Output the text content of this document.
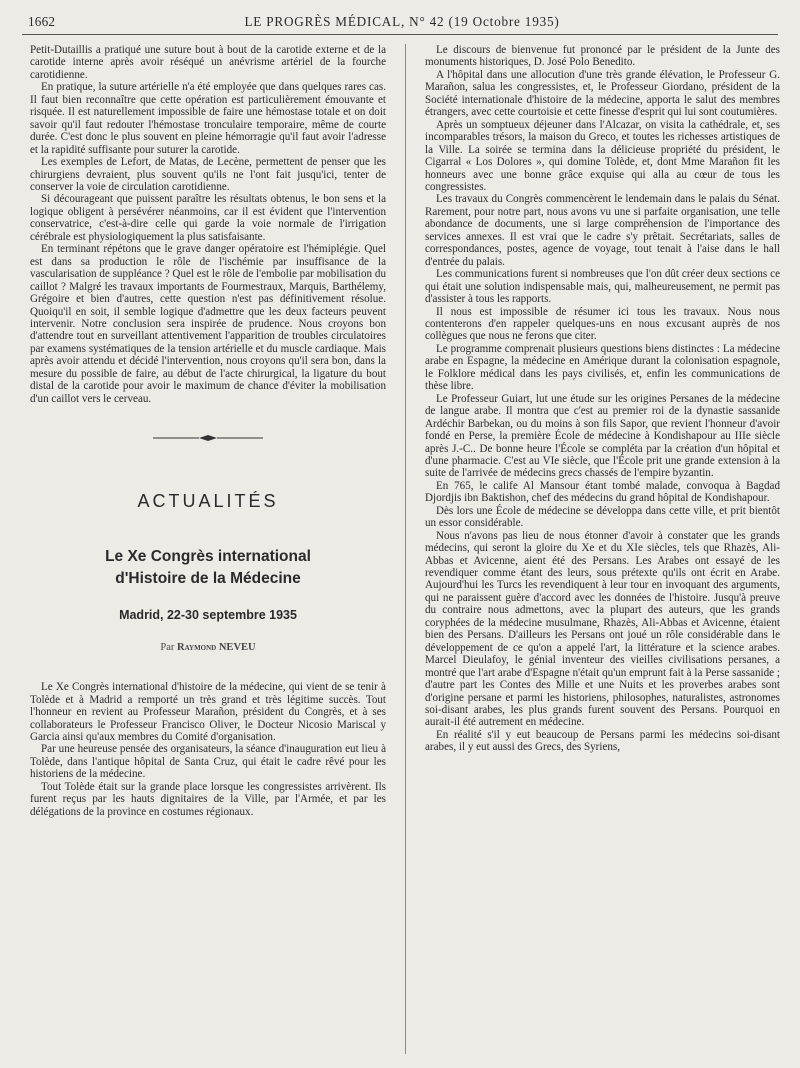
1662	LE PROGRÈS MÉDICAL, N° 42 (19 Octobre 1935)

Petit-Dutaillis a pratiqué une suture bout à bout de la carotide externe et de la carotide interne après avoir réséqué un anévrisme artériel de la fourche carotidienne.

En pratique, la suture artérielle n'a été employée que dans quelques rares cas. Il faut bien reconnaître que cette opération est particulièrement émouvante et risquée. Il est naturellement impossible de faire une hémostase totale et on doit savoir qu'il faut redouter l'hémostase tronculaire temporaire, même de courte durée. C'est donc le plus souvent en pleine hémorragie qu'il faut avoir l'adresse et la rapidité suffisante pour suturer la carotide.

Les exemples de Lefort, de Matas, de Lecène, permettent de penser que les chirurgiens devraient, plus souvent qu'ils ne l'ont fait jusqu'ici, tenter de conserver la voie de circulation carotidienne.

Si décourageant que puissent paraître les résultats obtenus, le bon sens et la logique obligent à persévérer néanmoins, car il est évident que l'intervention conservatrice, c'est-à-dire celle qui garde la voie normale de l'irrigation cérébrale est physiologiquement la plus satisfaisante.

En terminant répétons que le grave danger opératoire est l'hémiplégie. Quel est dans sa production le rôle de l'ischémie par insuffisance de la vascularisation de suppléance ? Quel est le rôle de l'embolie par mobilisation du caillot ? Malgré les travaux importants de Fourmestraux, Marquis, Barthélemy, Grégoire et bien d'autres, cette question n'est pas définitivement résolue. Quoiqu'il en soit, il semble logique d'admettre que les deux facteurs peuvent intervenir. Notre conclusion sera inspirée de prudence. Nous croyons bon d'attendre tout en surveillant attentivement l'apparition de troubles circulatoires par examens systématiques de la tension artérielle et du muscle cardiaque. Mais après avoir attendu et décidé l'intervention, nous croyons qu'il sera bon, dans la mesure du possible de faire, au début de l'acte chirurgical, la ligature du bout distal de la carotide pour avoir le maximum de chance d'éviter la mobilisation d'un caillot vers le cerveau.

ACTUALITÉS
Le Xe Congrès international
d'Histoire de la Médecine
Madrid, 22-30 septembre 1935
Par Raymond NEVEU

Le Xe Congrès international d'histoire de la médecine, qui vient de se tenir à Tolède et à Madrid a remporté un très grand et très légitime succès. Tout l'honneur en revient au Professeur Marañon, président du Congrès, et à ses collaborateurs le Professeur Francisco Oliver, le Docteur Nicosio Mariscal y Garcia ainsi qu'aux membres du Comité d'organisation.

Par une heureuse pensée des organisateurs, la séance d'inauguration eut lieu à Tolède, dans l'antique hôpital de Santa Cruz, qui était le cadre rêvé pour les historiens de la médecine.

Tout Tolède était sur la grande place lorsque les congressistes arrivèrent. Ils furent reçus par les hauts dignitaires de la Ville, par l'Armée, et par les délégations de la province en costumes régionaux.

Le discours de bienvenue fut prononcé par le président de la Junte des monuments historiques, D. José Polo Benedito.

A l'hôpital dans une allocution d'une très grande élévation, le Professeur G. Marañon, salua les congressistes, et, le Professeur Giordano, président de la Société internationale d'histoire de la médecine, apporta le salut des membres étrangers, avec cette courtoisie et cette finesse d'esprit qui lui sont coutumières.

Après un somptueux déjeuner dans l'Alcazar, on visita la cathédrale, et, ses incomparables trésors, la maison du Greco, et toutes les richesses artistiques de la Ville. La soirée se termina dans la délicieuse propriété du président, le Cigarral « Los Dolores », qui domine Tolède, et, dont Mme Marañon fit les honneurs avec une bonne grâce exquise qui alla au cœur de tous les congressistes.

Les travaux du Congrès commencèrent le lendemain dans le palais du Sénat. Rarement, pour notre part, nous avons vu une si parfaite organisation, une telle abondance de documents, une si large compréhension de l'importance des services annexes. Il est vrai que le cadre s'y prêtait. Secrétariats, salles de correspondances, postes, agence de voyage, tout tenait à l'aise dans le hall d'entrée du palais.

Les communications furent si nombreuses que l'on dût créer deux sections ce qui était une solution indispensable mais, qui, malheureusement, ne permit pas d'assister à tous les rapports.

Il nous est impossible de résumer ici tous les travaux. Nous nous contenterons d'en rappeler quelques-uns en nous excusant auprès de nos collègues que nous ne ferons que citer.

Le programme comprenait plusieurs questions biens distinctes : La médecine arabe en Espagne, la médecine en Amérique durant la colonisation espagnole, le Folklore médical dans les pays civilisés, et, enfin les communications de thèse libre.

Le Professeur Guiart, lut une étude sur les origines Persanes de la médecine de langue arabe. Il montra que c'est au premier roi de la dynastie sassanide Ardéchir Barbekan, ou du moins à son fils Sapor, que revient l'honneur d'avoir fondé en Perse, la première École de médecine à Kondishapour au IIIe siècle après J.-C.. De bonne heure l'École se compléta par la création d'un hôpital et d'une pharmacie. C'est au VIe siècle, que l'École prit une grande extension à la suite de l'arrivée de médecins grecs chassés de l'empire byzantin.

En 765, le calife Al Mansour étant tombé malade, convoqua à Bagdad Djordjis ibn Baktishon, chef des médecins du grand hôpital de Kondishapour.

Dès lors une École de médecine se développa dans cette ville, et prit bientôt un essor considérable.

Nous n'avons pas lieu de nous étonner d'avoir à constater que les grands médecins, qui seront la gloire du Xe et du XIe siècles, tels que Rhazès, Ali-Abbas et Avicenne, aient été des Persans. Les Arabes ont essayé de les revendiquer comme étant des leurs, sous prétexte qu'ils ont écrit en Arabe. Aujourd'hui les Turcs les revendiquent à leur tour en invoquant des arguments, qui ne paraissent guère d'accord avec les données de l'histoire. Jusqu'à preuve du contraire nous admettons, avec la plupart des auteurs, que les grands coryphées de la médecine musulmane, Rhazès, Ali-Abbas et Avicenne, étaient bien des Persans. D'ailleurs les Persans ont joué un rôle considérable dans le développement de ce qu'on a appelé l'art, la littérature et la science arabes. Marcel Dieulafoy, le génial inventeur des vieilles civilisations persanes, a montré que l'art arabe d'Espagne n'était qu'un emprunt fait à la Perse sassanide ; d'autre part les Contes des Mille et une Nuits et les proverbes arabes sont d'origine persane et parmi les historiens, philosophes, naturalistes, astronomes soi-disant arabes, les plus grands furent souvent des Persans. Pourquoi en aurait-il été autrement en médecine.

En réalité s'il y eut beaucoup de Persans parmi les médecins soi-disant arabes, il y eut aussi des Grecs, des Syriens,
